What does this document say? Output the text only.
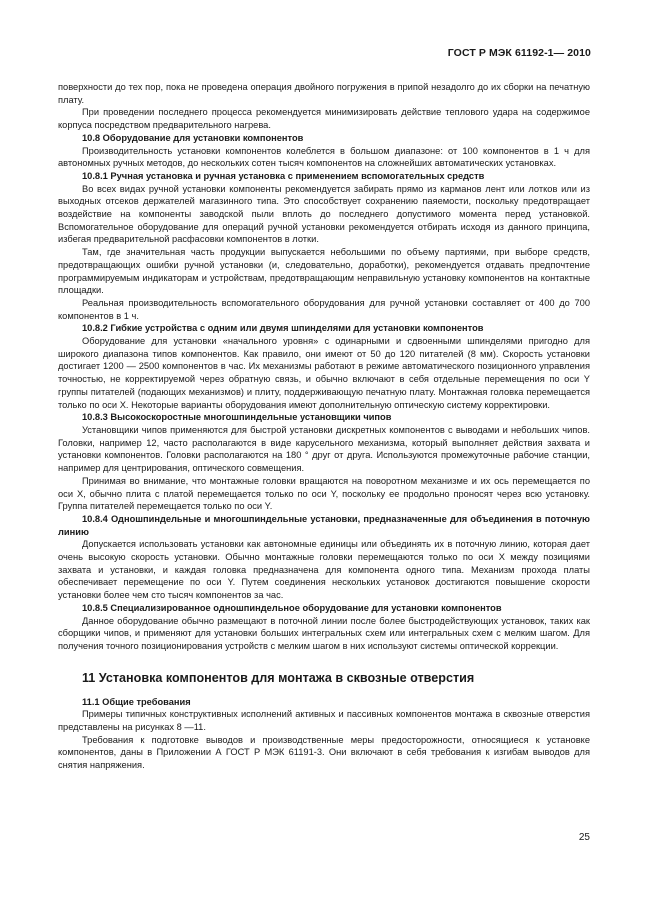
ГОСТ Р МЭК 61192-1— 2010

поверхности до тех пор, пока не проведена операция двойного погружения в припой незадолго до их сборки на печатную плату.

При проведении последнего процесса рекомендуется минимизировать действие теплового удара на содержимое корпуса посредством предварительного нагрева.

10.8 Оборудование для установки компонентов

Производительность установки компонентов колеблется в большом диапазоне: от 100 компонентов в 1 ч для автономных ручных методов, до нескольких сотен тысяч компонентов на сложнейших автоматических установках.

10.8.1 Ручная установка и ручная установка с применением вспомогательных средств

Во всех видах ручной установки компоненты рекомендуется забирать прямо из карманов лент или лотков или из выходных отсеков держателей магазинного типа. Это способствует сохранению паяемости, поскольку предотвращает воздействие на компоненты заводской пыли вплоть до последнего допустимого момента перед установкой. Вспомогательное оборудование для операций ручной установки рекомендуется отбирать исходя из данного принципа, избегая предварительной расфасовки компонентов в лотки.

Там, где значительная часть продукции выпускается небольшими по объему партиями, при выборе средств, предотвращающих ошибки ручной установки (и, следовательно, доработки), рекомендуется отдавать предпочтение программируемым индикаторам и устройствам, предотвращающим неправильную установку компонентов на контактные площадки.

Реальная производительность вспомогательного оборудования для ручной установки составляет от 400 до 700 компонентов в 1 ч.

10.8.2 Гибкие устройства с одним или двумя шпинделями для установки компонентов

Оборудование для установки «начального уровня» с одинарными и сдвоенными шпинделями пригодно для широкого диапазона типов компонентов. Как правило, они имеют от 50 до 120 питателей (8 мм). Скорость установки достигает 1200 — 2500 компонентов в час. Их механизмы работают в режиме автоматического позиционного управления точностью, не корректируемой через обратную связь, и обычно включают в себя отдельные перемещения по оси Y группы питателей (подающих механизмов) и плиту, поддерживающую печатную плату. Монтажная головка перемещается только по оси X. Некоторые варианты оборудования имеют дополнительную оптическую систему корректировки.

10.8.3 Высокоскоростные многошпиндельные установщики чипов

Установщики чипов применяются для быстрой установки дискретных компонентов с выводами и небольших чипов. Головки, например 12, часто располагаются в виде карусельного механизма, который выполняет действия захвата и установки компонентов. Головки располагаются на 180 ° друг от друга. Используются промежуточные рабочие станции, например для центрирования, оптического совмещения.

Принимая во внимание, что монтажные головки вращаются на поворотном механизме и их ось перемещается по оси X, обычно плита с платой перемещается только по оси Y, поскольку ее продольно проносят через всю установку. Группа питателей перемещается только по оси Y.

10.8.4 Одношпиндельные и многошпиндельные установки, предназначенные для объединения в поточную линию

Допускается использовать установки как автономные единицы или объединять их в поточную линию, которая дает очень высокую скорость установки. Обычно монтажные головки перемещаются только по оси X между позициями захвата и установки, и каждая головка предназначена для компонента одного типа. Механизм прохода платы обеспечивает перемещение по оси Y. Путем соединения нескольких установок достигаются повышение скорости установки более чем сто тысяч компонентов за час.

10.8.5 Специализированное одношпиндельное оборудование для установки компонентов

Данное оборудование обычно размещают в поточной линии после более быстродействующих установок, таких как сборщики чипов, и применяют для установки больших интегральных схем или интегральных схем с мелким шагом. Для получения точного позиционирования устройств с мелким шагом в них используют системы оптической коррекции.

11 Установка компонентов для монтажа в сквозные отверстия

11.1 Общие требования

Примеры типичных конструктивных исполнений активных и пассивных компонентов монтажа в сквозные отверстия представлены на рисунках 8 —11.

Требования к подготовке выводов и производственные меры предосторожности, относящиеся к установке компонентов, даны в Приложении А ГОСТ Р МЭК 61191-3. Они включают в себя требования к изгибам выводов для снятия напряжения.

25
